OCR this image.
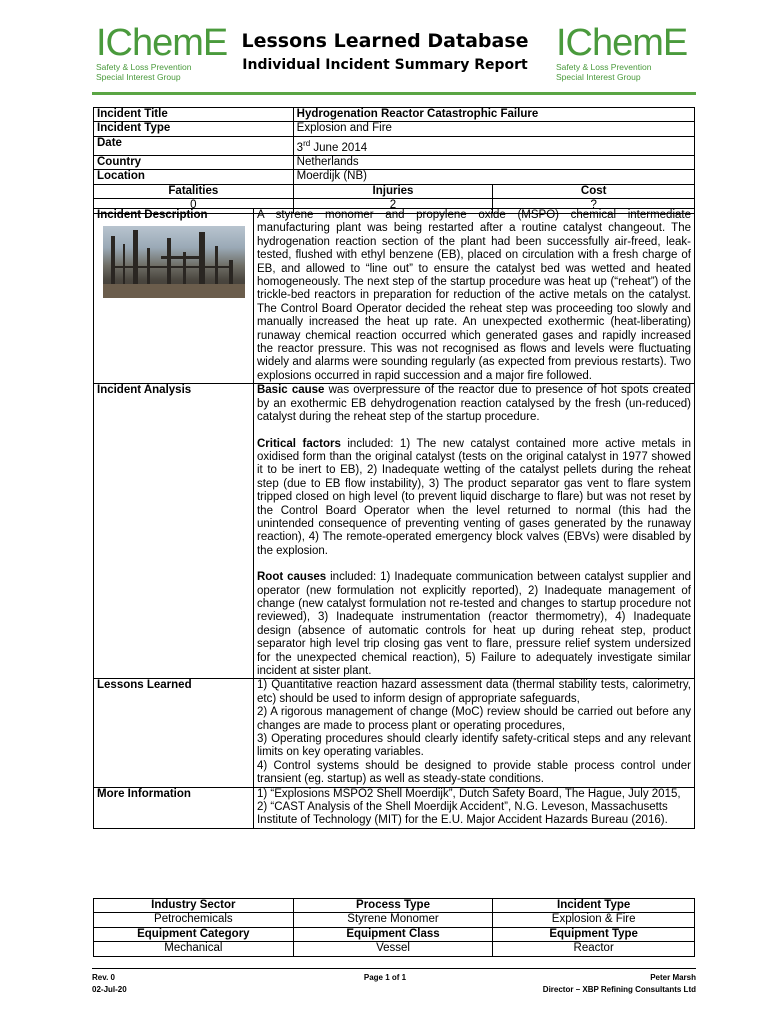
IChemE
Safety & Loss Prevention
Special Interest Group
Lessons Learned Database
Individual Incident Summary Report
IChemE
Safety & Loss Prevention
Special Interest Group
Incident Title	Hydrogenation Reactor Catastrophic Failure	
Incident Type	Explosion and Fire	
Date	3rd June 2014	
Country	Netherlands	
Location	Moerdijk (NB)	
Fatalities	Injuries	Cost
0	2	?
Incident Description	A styrene monomer and propylene oxide (MSPO) chemical intermediate manufacturing plant was being restarted after a routine catalyst changeout. The hydrogenation reaction section of the plant had been successfully air-freed, leak-tested, flushed with ethyl benzene (EB), placed on circulation with a fresh charge of EB, and allowed to “line out” to ensure the catalyst bed was wetted and heated homogeneously. The next step of the startup procedure was heat up (“reheat”) of the trickle-bed reactors in preparation for reduction of the active metals on the catalyst. The Control Board Operator decided the reheat step was proceeding too slowly and manually increased the heat up rate. An unexpected exothermic (heat-liberating) runaway chemical reaction occurred which generated gases and rapidly increased the reactor pressure. This was not recognised as flows and levels were fluctuating widely and alarms were sounding regularly (as expected from previous restarts). Two explosions occurred in rapid succession and a major fire followed.
Incident Analysis	Basic cause was overpressure of the reactor due to presence of hot spots created by an exothermic EB dehydrogenation reaction catalysed by the fresh (un-reduced) catalyst during the reheat step of the startup procedure.
Critical factors included: 1) The new catalyst contained more active metals in oxidised form than the original catalyst (tests on the original catalyst in 1977 showed it to be inert to EB), 2) Inadequate wetting of the catalyst pellets during the reheat step (due to EB flow instability), 3) The product separator gas vent to flare system tripped closed on high level (to prevent liquid discharge to flare) but was not reset by the Control Board Operator when the level returned to normal (this had the unintended consequence of preventing venting of gases generated by the runaway reaction), 4) The remote-operated emergency block valves (EBVs) were disabled by the explosion.
Root causes included: 1) Inadequate communication between catalyst supplier and operator (new formulation not explicitly reported), 2) Inadequate management of change (new catalyst formulation not re-tested and changes to startup procedure not reviewed), 3) Inadequate instrumentation (reactor thermometry), 4) Inadequate design (absence of automatic controls for heat up during reheat step, product separator high level trip closing gas vent to flare, pressure relief system undersized for the unexpected chemical reaction), 5) Failure to adequately investigate similar incident at sister plant.

Lessons Learned	1) Quantitative reaction hazard assessment data (thermal stability tests, calorimetry, etc) should be used to inform design of appropriate safeguards,
2) A rigorous management of change (MoC) review should be carried out before any changes are made to process plant or operating procedures,
3) Operating procedures should clearly identify safety-critical steps and any relevant limits on key operating variables.
4) Control systems should be designed to provide stable process control under transient (eg. startup) as well as steady-state conditions.

More Information	1) “Explosions MSPO2 Shell Moerdijk”, Dutch Safety Board, The Hague, July 2015,
2) “CAST Analysis of the Shell Moerdijk Accident”, N.G. Leveson, Massachusetts Institute of Technology (MIT) for the E.U. Major Accident Hazards Bureau (2016).
Industry Sector	Process Type	Incident Type
Petrochemicals	Styrene Monomer	Explosion & Fire
Equipment Category	Equipment Class	Equipment Type
Mechanical	Vessel	Reactor
Rev. 0
02-Jul-20
Page 1 of 1	Peter Marsh
Director – XBP Refining Consultants Ltd
